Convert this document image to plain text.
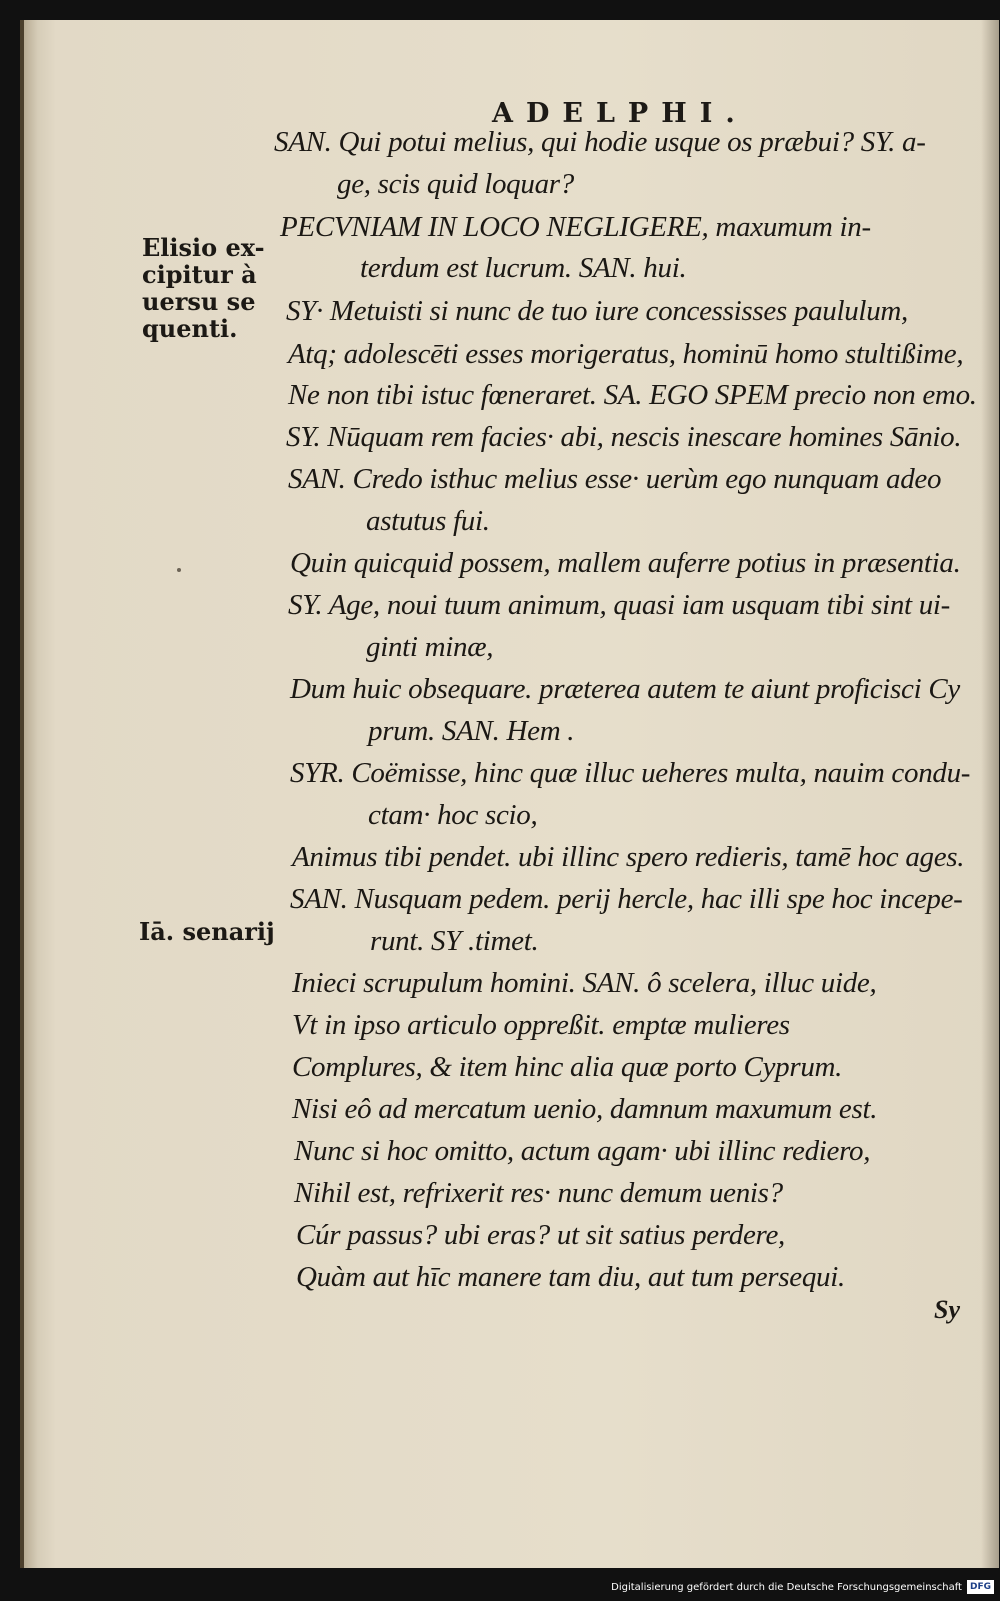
ADELPHI.
Elisio ex-
cipitur à
uersu se
quenti.
Iā. senarij
SAN. Qui potui melius, qui hodie usque os præbui? SY. a-
ge, scis quid loquar?
PECVNIAM IN LOCO NEGLIGERE, maxumum in-
terdum est lucrum. SAN. hui.
SY· Metuisti si nunc de tuo iure concessisses paululum,
Atq; adolescēti esses morigeratus, hominū homo stultißime,
Ne non tibi istuc fœneraret. SA. EGO SPEM precio non emo.
SY. Nūquam rem facies· abi, nescis inescare homines Sānio.
SAN. Credo isthuc melius esse· uerùm ego nunquam adeo
astutus fui.
Quin quicquid possem, mallem auferre potius in præsentia.
SY. Age, noui tuum animum, quasi iam usquam tibi sint ui-
ginti minæ,
Dum huic obsequare. præterea autem te aiunt proficisci Cy
prum. SAN. Hem .
SYR. Coëmisse, hinc quæ illuc ueheres multa, nauim condu-
ctam· hoc scio,
Animus tibi pendet. ubi illinc spero redieris, tamē hoc ages.
SAN. Nusquam pedem. perij hercle, hac illi spe hoc incepe-
runt. SY .timet.
Inieci scrupulum homini. SAN. ô scelera, illuc uide,
Vt in ipso articulo oppreßit. emptæ mulieres
Complures, & item hinc alia quæ porto Cyprum.
Nisi eô ad mercatum uenio, damnum maxumum est.
Nunc si hoc omitto, actum agam· ubi illinc rediero,
Nihil est, refrixerit res· nunc demum uenis?
Cúr passus? ubi eras? ut sit satius perdere,
Quàm aut hīc manere tam diu, aut tum persequi.
Sy
Digitalisierung gefördert durch die Deutsche Forschungsgemeinschaft DFG
